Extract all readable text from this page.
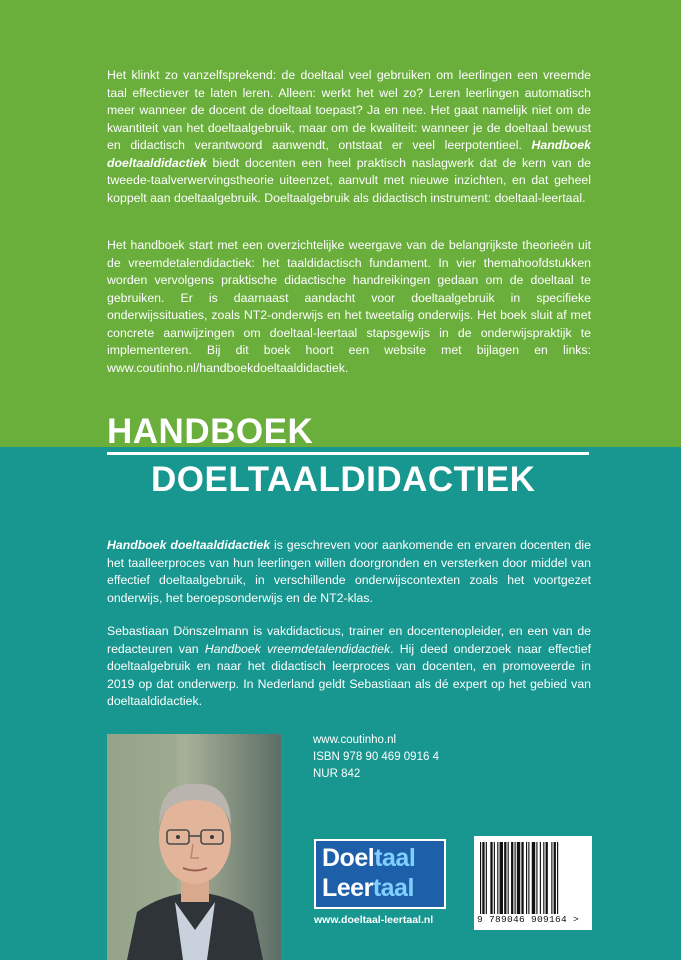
Het klinkt zo vanzelfsprekend: de doeltaal veel gebruiken om leerlingen een vreemde taal effectiever te laten leren. Alleen: werkt het wel zo? Leren leerlingen automatisch meer wanneer de docent de doeltaal toepast? Ja en nee. Het gaat namelijk niet om de kwantiteit van het doeltaalgebruik, maar om de kwaliteit: wanneer je de doeltaal bewust en didactisch verantwoord aanwendt, ontstaat er veel leerpotentieel. Handboek doeltaaldidactiek biedt docenten een heel praktisch naslagwerk dat de kern van de tweede-taalverwervingstheorie uiteenzet, aanvult met nieuwe inzichten, en dat geheel koppelt aan doeltaalgebruik. Doeltaalgebruik als didactisch instrument: doeltaal-leertaal.

Het handboek start met een overzichtelijke weergave van de belangrijkste theorieën uit de vreemdetalendidactiek: het taaldidactisch fundament. In vier themahoofdstukken worden vervolgens praktische didactische handreikingen gedaan om de doeltaal te gebruiken. Er is daarnaast aandacht voor doeltaalgebruik in specifieke onderwijssituaties, zoals NT2-onderwijs en het tweetalig onderwijs. Het boek sluit af met concrete aanwijzingen om doeltaal-leertaal stapsgewijs in de onderwijspraktijk te implementeren. Bij dit boek hoort een website met bijlagen en links: www.coutinho.nl/handboekdoeltaaldidactiek.

HANDBOEK
DOELTAALDIDACTIEK

Handboek doeltaaldidactiek is geschreven voor aankomende en ervaren docenten die het taalleerproces van hun leerlingen willen doorgronden en versterken door middel van effectief doeltaalgebruik, in verschillende onderwijscontexten zoals het voortgezet onderwijs, het beroepsonderwijs en de NT2-klas.

Sebastiaan Dönszelmann is vakdidacticus, trainer en docentenopleider, en een van de redacteuren van Handboek vreemdetalendidactiek. Hij deed onderzoek naar effectief doeltaalgebruik en naar het didactisch leerproces van docenten, en promoveerde in 2019 op dat onderwerp. In Nederland geldt Sebastiaan als dé expert op het gebied van doeltaaldidactiek.

www.coutinho.nl
ISBN 978 90 469 0916 4
NUR 842
Doeltaal
Leertaal
www.doeltaal-leertaal.nl	9 789046 909164 >
